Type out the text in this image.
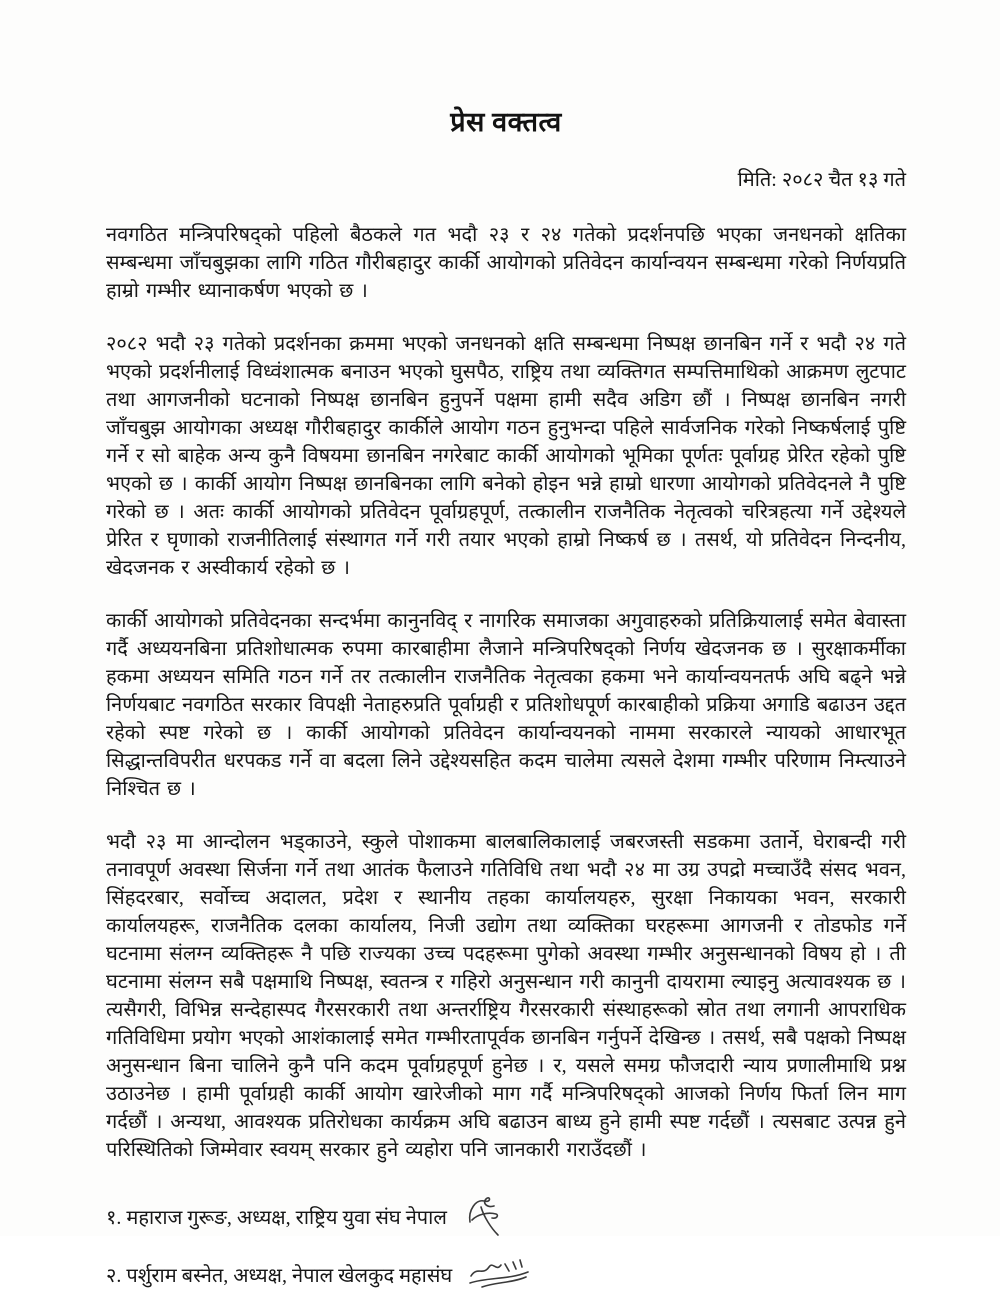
प्रेस वक्तत्व
मिति: २०८२ चैत १३ गते

नवगठित मन्त्रिपरिषद्को पहिलो बैठकले गत भदौ २३ र २४ गतेको प्रदर्शनपछि भएका जनधनको क्षतिका सम्बन्धमा जाँचबुझका लागि गठित गौरीबहादुर कार्की आयोगको प्रतिवेदन कार्यान्वयन सम्बन्धमा गरेको निर्णयप्रति हाम्रो गम्भीर ध्यानाकर्षण भएको छ ।

२०८२ भदौ २३ गतेको प्रदर्शनका क्रममा भएको जनधनको क्षति सम्बन्धमा निष्पक्ष छानबिन गर्ने र भदौ २४ गते भएको प्रदर्शनीलाई विध्वंशात्मक बनाउन भएको घुसपैठ, राष्ट्रिय तथा व्यक्तिगत सम्पत्तिमाथिको आक्रमण लुटपाट तथा आगजनीको घटनाको निष्पक्ष छानबिन हुनुपर्ने पक्षमा हामी सदैव अडिग छौं । निष्पक्ष छानबिन नगरी जाँचबुझ आयोगका अध्यक्ष गौरीबहादुर कार्कीले आयोग गठन हुनुभन्दा पहिले सार्वजनिक गरेको निष्कर्षलाई पुष्टि गर्ने र सो बाहेक अन्य कुनै विषयमा छानबिन नगरेबाट कार्की आयोगको भूमिका पूर्णतः पूर्वाग्रह प्रेरित रहेको पुष्टि भएको छ । कार्की आयोग निष्पक्ष छानबिनका लागि बनेको होइन भन्ने हाम्रो धारणा आयोगको प्रतिवेदनले नै पुष्टि गरेको छ । अतः कार्की आयोगको प्रतिवेदन पूर्वाग्रहपूर्ण, तत्कालीन राजनैतिक नेतृत्वको चरित्रहत्या गर्ने उद्देश्यले प्रेरित र घृणाको राजनीतिलाई संस्थागत गर्ने गरी तयार भएको हाम्रो निष्कर्ष छ । तसर्थ, यो प्रतिवेदन निन्दनीय, खेदजनक र अस्वीकार्य रहेको छ ।

कार्की आयोगको प्रतिवेदनका सन्दर्भमा कानुनविद् र नागरिक समाजका अगुवाहरुको प्रतिक्रियालाई समेत बेवास्ता गर्दै अध्ययनबिना प्रतिशोधात्मक रुपमा कारबाहीमा लैजाने मन्त्रिपरिषद्को निर्णय खेदजनक छ । सुरक्षाकर्मीका हकमा अध्ययन समिति गठन गर्ने तर तत्कालीन राजनैतिक नेतृत्वका हकमा भने कार्यान्वयनतर्फ अघि बढ्ने भन्ने निर्णयबाट नवगठित सरकार विपक्षी नेताहरुप्रति पूर्वाग्रही र प्रतिशोधपूर्ण कारबाहीको प्रक्रिया अगाडि बढाउन उद्दत रहेको स्पष्ट गरेको छ । कार्की आयोगको प्रतिवेदन कार्यान्वयनको नाममा सरकारले न्यायको आधारभूत सिद्धान्तविपरीत धरपकड गर्ने वा बदला लिने उद्देश्यसहित कदम चालेमा त्यसले देशमा गम्भीर परिणाम निम्त्याउने निश्चित छ ।

भदौ २३ मा आन्दोलन भड्काउने, स्कुले पोशाकमा बालबालिकालाई जबरजस्ती सडकमा उतार्ने, घेराबन्दी गरी तनावपूर्ण अवस्था सिर्जना गर्ने तथा आतंक फैलाउने गतिविधि तथा भदौ २४ मा उग्र उपद्रो मच्चाउँदै संसद भवन, सिंहदरबार, सर्वोच्च अदालत, प्रदेश र स्थानीय तहका कार्यालयहरु, सुरक्षा निकायका भवन, सरकारी कार्यालयहरू, राजनैतिक दलका कार्यालय, निजी उद्योग तथा व्यक्तिका घरहरूमा आगजनी र तोडफोड गर्ने घटनामा संलग्न व्यक्तिहरू नै पछि राज्यका उच्च पदहरूमा पुगेको अवस्था गम्भीर अनुसन्धानको विषय हो । ती घटनामा संलग्न सबै पक्षमाथि निष्पक्ष, स्वतन्त्र र गहिरो अनुसन्धान गरी कानुनी दायरामा ल्याइनु अत्यावश्यक छ । त्यसैगरी, विभिन्न सन्देहास्पद गैरसरकारी तथा अन्तर्राष्ट्रिय गैरसरकारी संस्थाहरूको स्रोत तथा लगानी आपराधिक गतिविधिमा प्रयोग भएको आशंकालाई समेत गम्भीरतापूर्वक छानबिन गर्नुपर्ने देखिन्छ । तसर्थ, सबै पक्षको निष्पक्ष अनुसन्धान बिना चालिने कुनै पनि कदम पूर्वाग्रहपूर्ण हुनेछ । र, यसले समग्र फौजदारी न्याय प्रणालीमाथि प्रश्न उठाउनेछ । हामी पूर्वाग्रही कार्की आयोग खारेजीको माग गर्दै मन्त्रिपरिषद्को आजको निर्णय फिर्ता लिन माग गर्दछौं । अन्यथा, आवश्यक प्रतिरोधका कार्यक्रम अघि बढाउन बाध्य हुने हामी स्पष्ट गर्दछौं । त्यसबाट उत्पन्न हुने परिस्थितिको जिम्मेवार स्वयम् सरकार हुने व्यहोरा पनि जानकारी गराउँदछौं ।

१. महाराज गुरूङ, अध्यक्ष, राष्ट्रिय युवा संघ नेपाल
२. पर्शुराम बस्नेत, अध्यक्ष, नेपाल खेलकुद महासंघ
